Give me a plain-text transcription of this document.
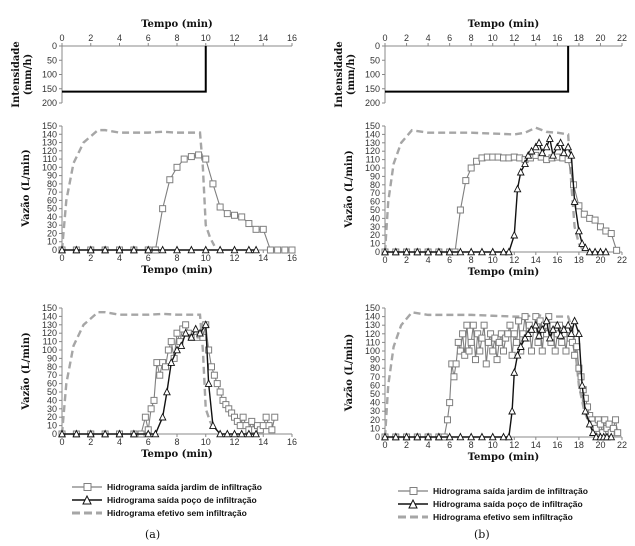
0	2	4	6	8 10 12 14 16
0
50
100
150
200
Tempo (min)
Intensidade (mm/h)
0 2 4 6 8 10 12 14 16 18 20 22
0
50
100
150
200
Tempo (min)
Intensidade (mm/h)
0	2	4	6	8 10 12 14 16
0
10
20
30
40
50
60
70
80
90
100
110
120
130
140
150
Tempo (min)
Vazão (L/min)
0 2 4 6 8 10 12 14 16 18 20 22
0
10
20
30
40
50
60
70
80
90
100
110
120
130
140
150
Tempo (min)
Vazão (L/min)
0	2	4	6	8 10 12 14 16
0
10
20
30
40
50
60
70
80
90
100
110
120
130
140
150
Tempo (min)
Vazão (L/min)
0 2 4 6 8 10 12 14 16 18 20 22
0
10
20
30
40
50
60
70
80
90
100
110
120
130
140
150
Tempo (min)
Vazão (L/min)
Hidrograma saída jardim de infiltração
Hidrograma saída poço de infiltração
Hidrograma efetivo sem infiltração
Hidrograma saída jardim de infiltração
Hidrograma saída poço de infiltração
Hidrograma efetivo sem infiltração
(a)	(b)
